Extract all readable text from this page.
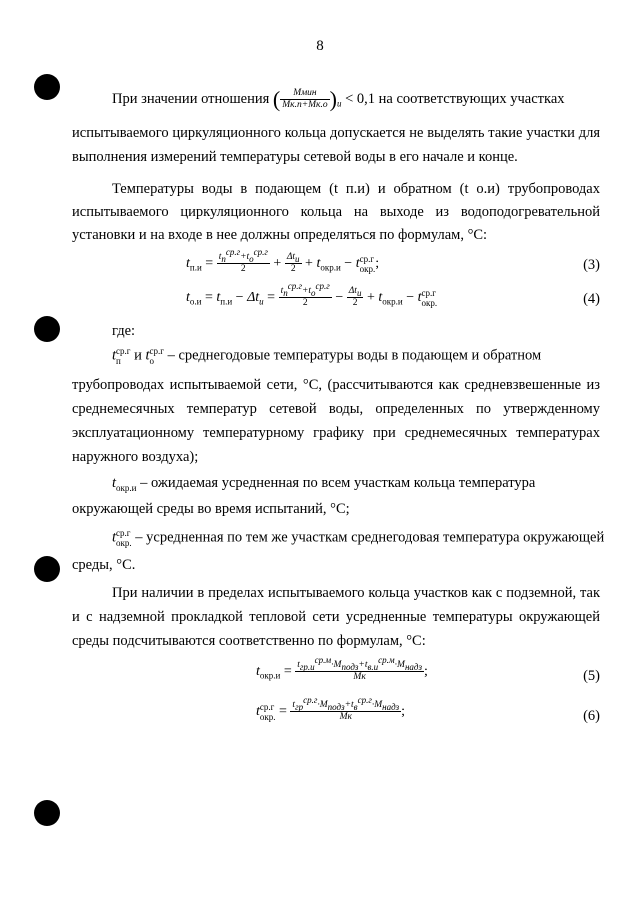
8
При значении отношения ( $\frac{\text{Mмин}}{Mк.п+Mк.о} )_и < 0,1$ на соответствующих участках
испытываемого циркуляционного кольца допускается не выделять такие участки для
выполнения измерений температуры сетевой воды в его начале и конце.
Температуры воды в подающем (t п.и) и обратном (t о.и) трубопроводах
испытываемого циркуляционного кольца на выходе из водоподогревательной
установки и на входе в нее должны определяться по формулам, °С:
$t_{п.и} = \frac{t_п^{ср.г}+t_о^{ср.г}}{2} + \frac{\Delta t_и}{2} + t_{окр.и} - t$ ср.г
окр. ;	(3)
$t_{о.и} = t_{п.и} - \Delta t_и = \frac{t_п^{ср.г}+t_о^{ср.г}}{2} - \frac{\Delta t_и}{2} + t_{окр.и} - t$ ср.г
окр.	(4)
где:
t ср.г
п и t ср.г
о – среднегодовые температуры воды в подающем и обратном
трубопроводах испытываемой сети, °С, (рассчитываются как средневзвешенные из
среднемесячных температур сетевой воды, определенных по утвержденному
эксплуатационному температурному графику при среднемесячных температурах
наружного воздуха);
$t_{окр.и}$ – ожидаемая усредненная по всем участкам кольца температура
окружающей среды во время испытаний, °С;
t ср.г
окр. – усредненная по тем же участкам среднегодовая температура окружающей
среды, °С.
При наличии в пределах испытываемого кольца участков как с подземной, так
и с надземной прокладкой тепловой сети усредненные температуры окружающей
среды подсчитываются соответственно по формулам, °С:
$t_{окр.и} = \frac{t_{гр.и}^{ср.м}\cdot M_{подз}+t_{в.и}^{ср.м}\cdot M_{надз}}{Mк}$ ;	(5)
t ср.г
окр. = $\frac{t_{гр}^{ср.г}\cdot M_{подз}+t_в^{ср.г}\cdot M_{надз}}{Mк}$ ;	(6)
